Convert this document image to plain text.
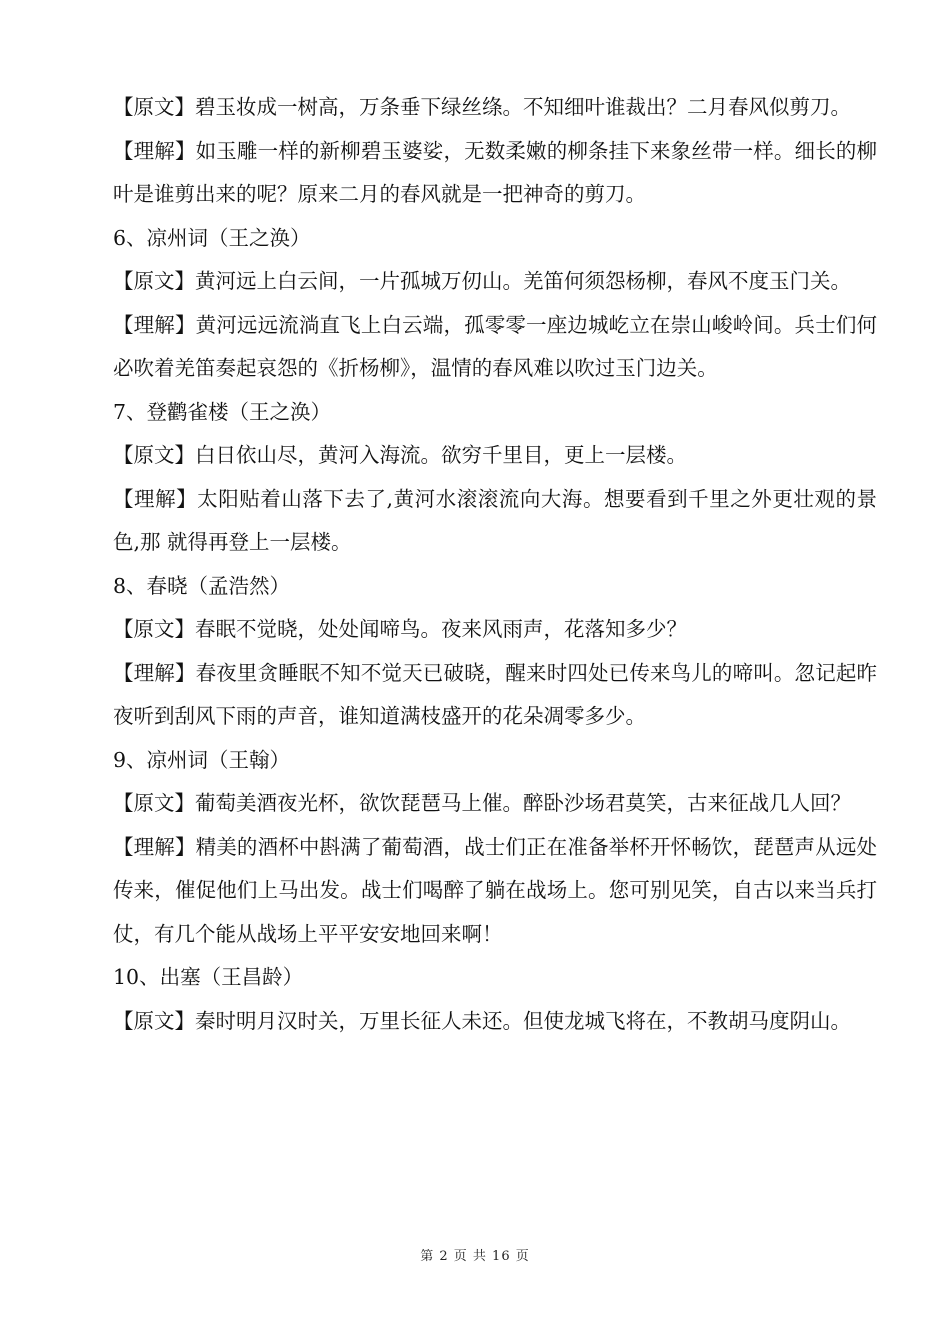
【原文】碧玉妆成一树高，万条垂下绿丝绦。不知细叶谁裁出？二月春风似剪刀。

【理解】如玉雕一样的新柳碧玉婆娑，无数柔嫩的柳条挂下来象丝带一样。细长的柳叶是谁剪出来的呢？原来二月的春风就是一把神奇的剪刀。

6、凉州词（王之涣）

【原文】黄河远上白云间，一片孤城万仞山。羌笛何须怨杨柳，春风不度玉门关。

【理解】黄河远远流淌直飞上白云端，孤零零一座边城屹立在崇山峻岭间。兵士们何必吹着羌笛奏起哀怨的《折杨柳》，温情的春风难以吹过玉门边关。

7、登鹳雀楼（王之涣）

【原文】白日依山尽，黄河入海流。欲穷千里目，更上一层楼。

【理解】太阳贴着山落下去了,黄河水滚滚流向大海。想要看到千里之外更壮观的景色,那 就得再登上一层楼。

8、春晓（孟浩然）

【原文】春眠不觉晓，处处闻啼鸟。夜来风雨声，花落知多少？

【理解】春夜里贪睡眠不知不觉天已破晓，醒来时四处已传来鸟儿的啼叫。忽记起昨夜听到刮风下雨的声音，谁知道满枝盛开的花朵凋零多少。

9、凉州词（王翰）

【原文】葡萄美酒夜光杯，欲饮琵琶马上催。醉卧沙场君莫笑，古来征战几人回？

【理解】精美的酒杯中斟满了葡萄酒，战士们正在准备举杯开怀畅饮，琵琶声从远处传来，催促他们上马出发。战士们喝醉了躺在战场上。您可别见笑，自古以来当兵打仗，有几个能从战场上平平安安地回来啊！

10、出塞（王昌龄）

【原文】秦时明月汉时关，万里长征人未还。但使龙城飞将在，不教胡马度阴山。

第 2 页 共 16 页
